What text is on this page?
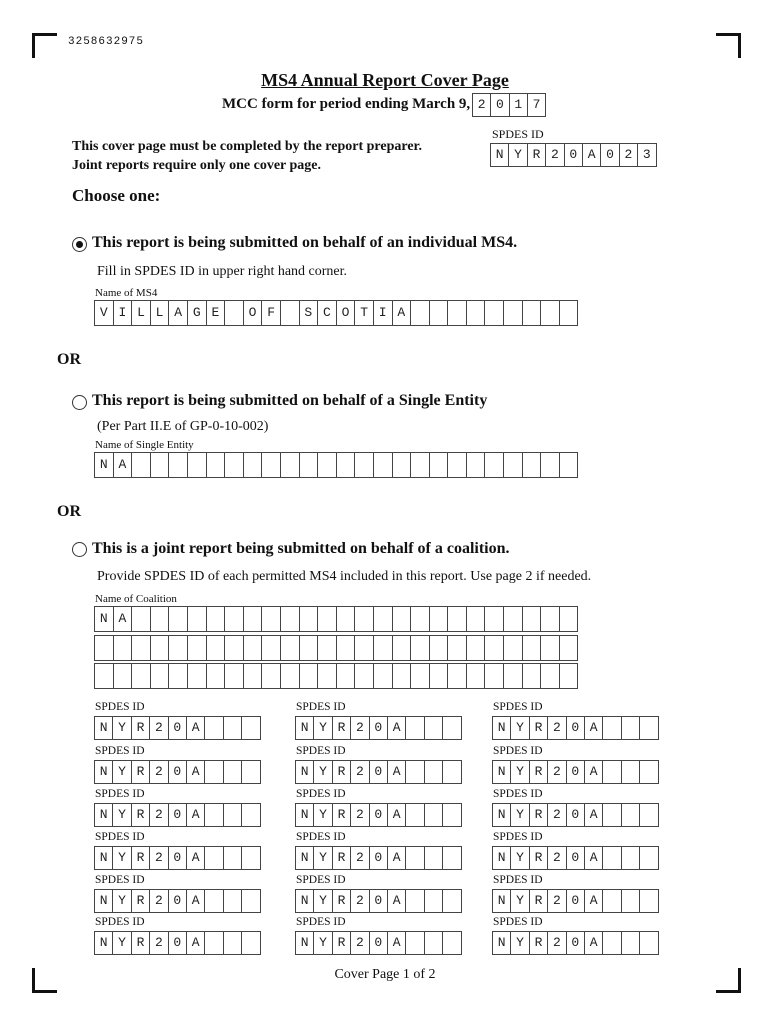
3258632975
MS4 Annual Report Cover Page
MCC form for period ending March 9, 2 0 1 7
This cover page must be completed by the report preparer.
Joint reports require only one cover page.
SPDES ID
N Y R 2 0 A 0 2 3
Choose one:
This report is being submitted on behalf of an individual MS4.
Fill in SPDES ID in upper right hand corner.
Name of MS4
V I L L A G E	O F	S C O T I A
OR
This report is being submitted on behalf of a Single Entity
(Per Part II.E of GP-0-10-002)
Name of Single Entity
N A
OR
This is a joint report being submitted on behalf of a coalition.
Provide SPDES ID of each permitted MS4 included in this report. Use page 2 if needed.
Name of Coalition
N A
SPDES ID
N Y R 2 0 A
SPDES ID
N Y R 2 0 A
SPDES ID
N Y R 2 0 A
SPDES ID
N Y R 2 0 A
SPDES ID
N Y R 2 0 A
SPDES ID
N Y R 2 0 A
SPDES ID
N Y R 2 0 A
SPDES ID
N Y R 2 0 A
SPDES ID
N Y R 2 0 A
SPDES ID
N Y R 2 0 A
SPDES ID
N Y R 2 0 A
SPDES ID
N Y R 2 0 A
SPDES ID
N Y R 2 0 A
SPDES ID
N Y R 2 0 A
SPDES ID
N Y R 2 0 A
SPDES ID
N Y R 2 0 A
SPDES ID
N Y R 2 0 A
SPDES ID
N Y R 2 0 A
Cover Page 1 of 2
